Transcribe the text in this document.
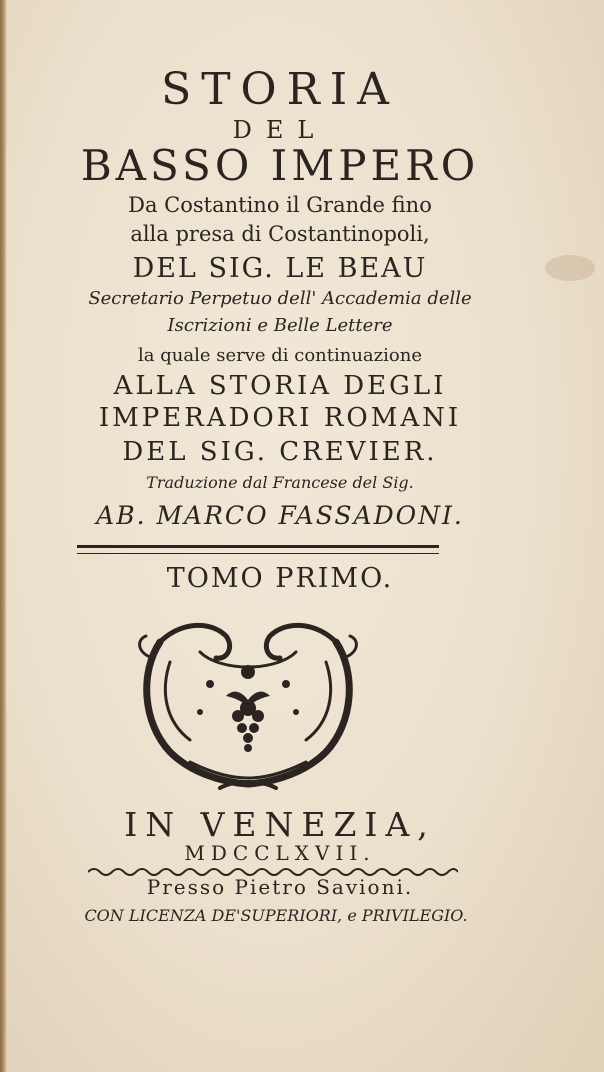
STORIA
DEL
BASSO IMPERO
Da Costantino il Grande fino
alla presa di Costantinopoli,
DEL SIG. LE BEAU
Secretario Perpetuo dell' Accademia delle
Iscrizioni e Belle Lettere
la quale serve di continuazione
ALLA STORIA DEGLI
IMPERADORI ROMANI
DEL SIG. CREVIER.
Traduzione dal Francese del Sig.
AB. MARCO FASSADONI.
TOMO PRIMO.
IN VENEZIA,
MDCCLXVII.
Presso Pietro Savioni.
CON LICENZA DE'SUPERIORI, e PRIVILEGIO.
